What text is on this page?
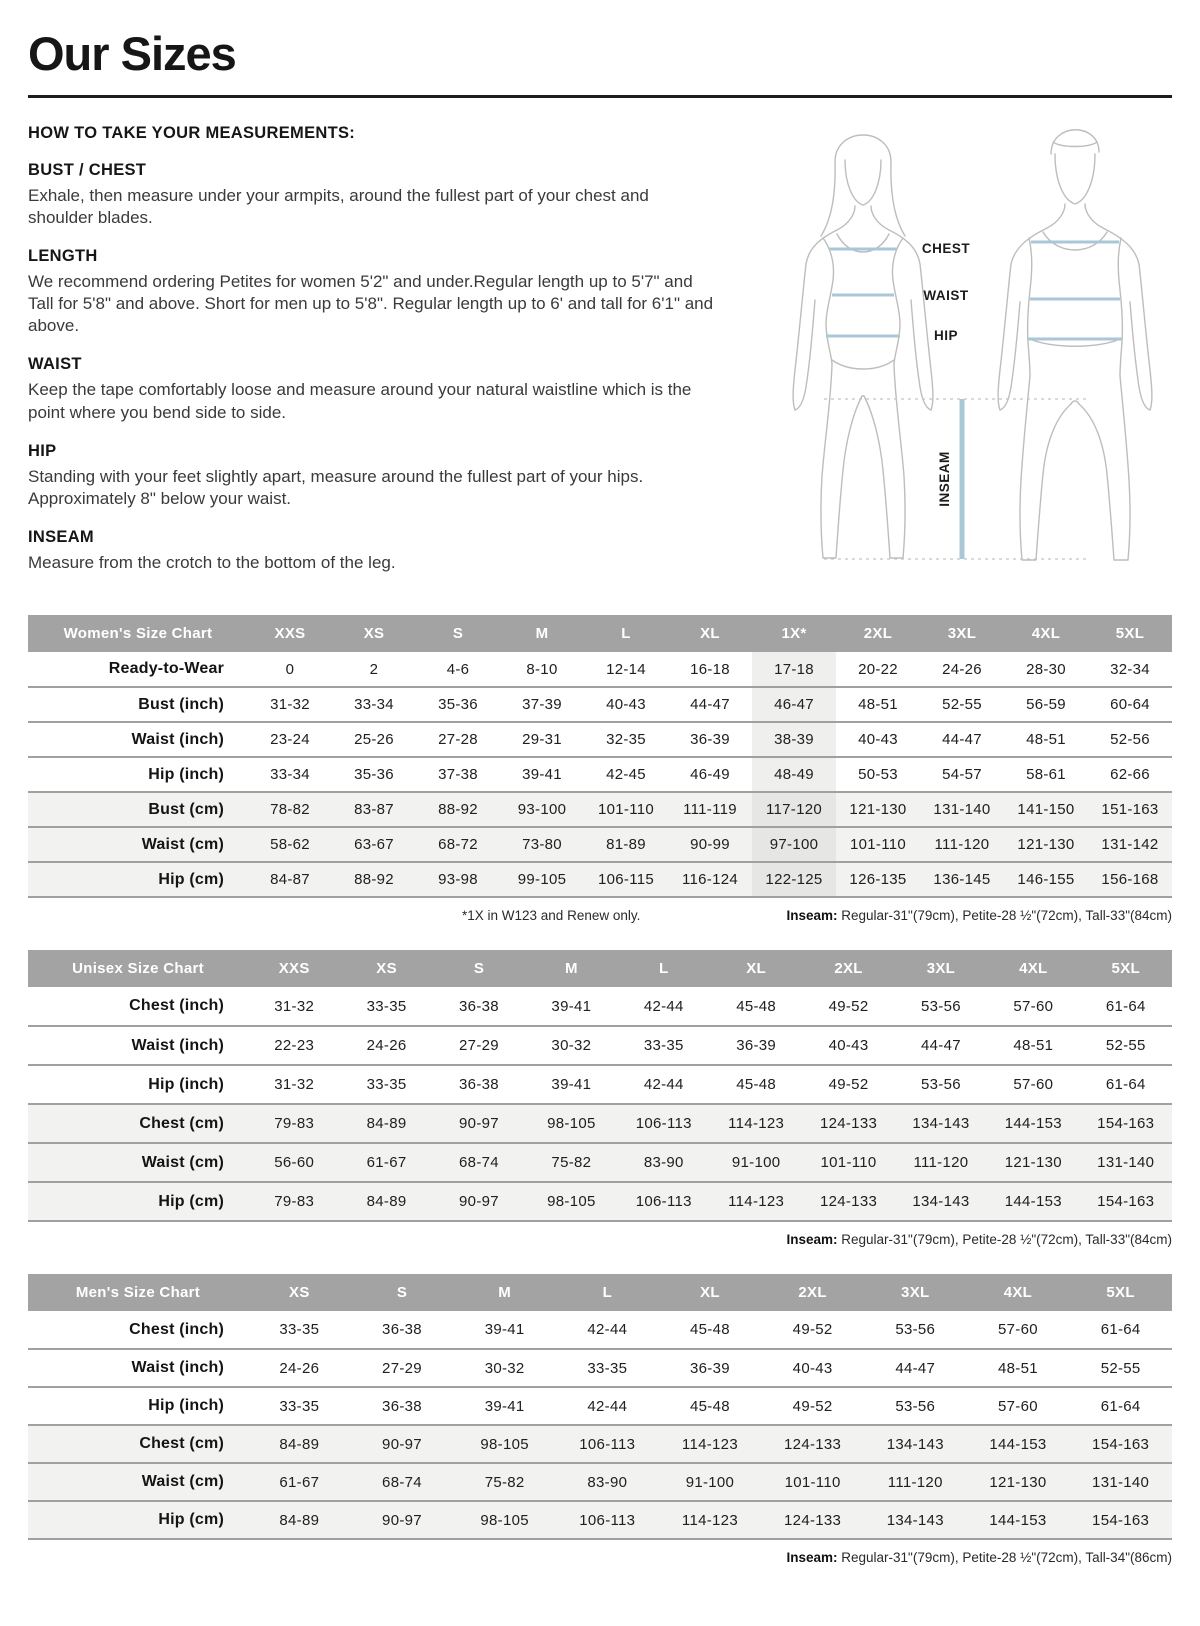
Our Sizes

HOW TO TAKE YOUR MEASUREMENTS:

BUST / CHEST

Exhale, then measure under your armpits, around the fullest part of your chest and shoulder blades.

LENGTH

We recommend ordering Petites for women 5'2" and under.Regular length up to 5'7" and Tall for 5'8" and above. Short for men up to 5'8". Regular length up to 6' and tall for 6'1" and above.

WAIST

Keep the tape comfortably loose and measure around your natural waistline which is the point where you bend side to side.

HIP

Standing with your feet slightly apart, measure around the fullest part of your hips. Approximately 8" below your waist.

INSEAM

Measure from the crotch to the bottom of the leg.

CHEST
WAIST
HIP
INSEAM
Women's Size Chart	XXS	XS	S	M	L	XL	1X*	2XL	3XL	4XL	5XL
Ready-to-Wear	0	2	4-6	8-10	12-14	16-18	17-18	20-22	24-26	28-30	32-34
Bust (inch)	31-32	33-34	35-36	37-39	40-43	44-47	46-47	48-51	52-55	56-59	60-64
Waist (inch)	23-24	25-26	27-28	29-31	32-35	36-39	38-39	40-43	44-47	48-51	52-56
Hip (inch)	33-34	35-36	37-38	39-41	42-45	46-49	48-49	50-53	54-57	58-61	62-66
Bust (cm)	78-82	83-87	88-92	93-100	101-110	111-119	117-120	121-130	131-140	141-150	151-163
Waist (cm)	58-62	63-67	68-72	73-80	81-89	90-99	97-100	101-110	111-120	121-130	131-142
Hip (cm)	84-87	88-92	93-98	99-105	106-115	116-124	122-125	126-135	136-145	146-155	156-168
*1X in W123 and Renew only.	Inseam: Regular-31"(79cm), Petite-28 ½"(72cm), Tall-33"(84cm)
Unisex Size Chart	XXS	XS	S	M	L	XL	2XL	3XL	4XL	5XL
Chest (inch)	31-32	33-35	36-38	39-41	42-44	45-48	49-52	53-56	57-60	61-64
Waist (inch)	22-23	24-26	27-29	30-32	33-35	36-39	40-43	44-47	48-51	52-55
Hip (inch)	31-32	33-35	36-38	39-41	42-44	45-48	49-52	53-56	57-60	61-64
Chest (cm)	79-83	84-89	90-97	98-105	106-113	114-123	124-133	134-143	144-153	154-163
Waist (cm)	56-60	61-67	68-74	75-82	83-90	91-100	101-110	111-120	121-130	131-140
Hip (cm)	79-83	84-89	90-97	98-105	106-113	114-123	124-133	134-143	144-153	154-163
Inseam: Regular-31"(79cm), Petite-28 ½"(72cm), Tall-33"(84cm)
Men's Size Chart	XS	S	M	L	XL	2XL	3XL	4XL	5XL
Chest (inch)	33-35	36-38	39-41	42-44	45-48	49-52	53-56	57-60	61-64
Waist (inch)	24-26	27-29	30-32	33-35	36-39	40-43	44-47	48-51	52-55
Hip (inch)	33-35	36-38	39-41	42-44	45-48	49-52	53-56	57-60	61-64
Chest (cm)	84-89	90-97	98-105	106-113	114-123	124-133	134-143	144-153	154-163
Waist (cm)	61-67	68-74	75-82	83-90	91-100	101-110	111-120	121-130	131-140
Hip (cm)	84-89	90-97	98-105	106-113	114-123	124-133	134-143	144-153	154-163
Inseam: Regular-31"(79cm), Petite-28 ½"(72cm), Tall-34"(86cm)
